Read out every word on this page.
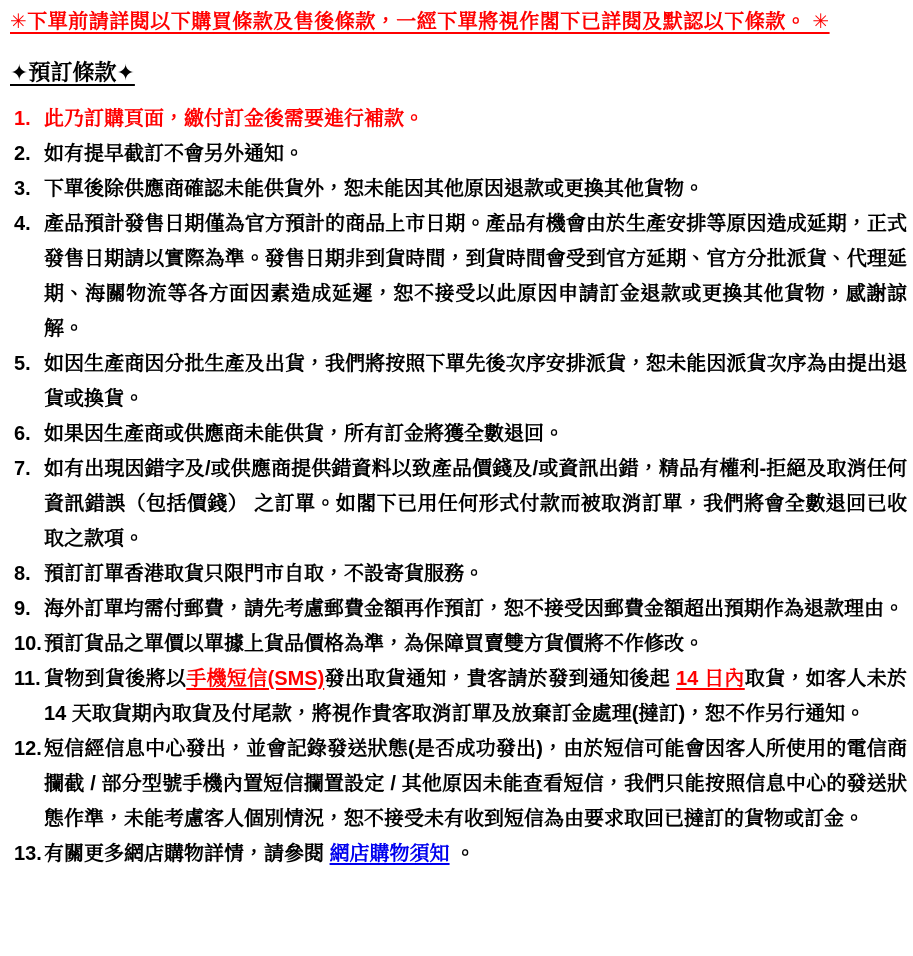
✳下單前請詳閱以下購買條款及售後條款，一經下單將視作閣下已詳閱及默認以下條款。 ✳
✦預訂條款✦
1. 此乃訂購頁面，繳付訂金後需要進行補款。
2. 如有提早截訂不會另外通知。
3. 下單後除供應商確認未能供貨外，恕未能因其他原因退款或更換其他貨物。
4. 產品預計發售日期僅為官方預計的商品上市日期。產品有機會由於生產安排等原因造成延期，正式發售日期請以實際為準。發售日期非到貨時間，到貨時間會受到官方延期、官方分批派貨、代理延期、海關物流等各方面因素造成延遲，恕不接受以此原因申請訂金退款或更換其他貨物，感謝諒解。
5. 如因生產商因分批生產及出貨，我們將按照下單先後次序安排派貨，恕未能因派貨次序為由提出退貨或換貨。
6. 如果因生產商或供應商未能供貨，所有訂金將獲全數退回。
7. 如有出現因錯字及/或供應商提供錯資料以致產品價錢及/或資訊出錯，精品有權利-拒絕及取消任何資訊錯誤（包括價錢） 之訂單。如閣下已用任何形式付款而被取消訂單，我們將會全數退回已收取之款項。
8. 預訂訂單香港取貨只限門市自取，不設寄貨服務。
9. 海外訂單均需付郵費，請先考慮郵費金額再作預訂，恕不接受因郵費金額超出預期作為退款理由。
10. 預訂貨品之單價以單據上貨品價格為準，為保障買賣雙方貨價將不作修改。
11. 貨物到貨後將以手機短信(SMS)發出取貨通知，貴客請於發到通知後起 14 日內取貨，如客人未於 14 天取貨期內取貨及付尾款，將視作貴客取消訂單及放棄訂金處理(撻訂)，恕不作另行通知。
12. 短信經信息中心發出，並會記錄發送狀態(是否成功發出)，由於短信可能會因客人所使用的電信商攔截 / 部分型號手機內置短信攔置設定 / 其他原因未能查看短信，我們只能按照信息中心的發送狀態作準，未能考慮客人個別情況，恕不接受未有收到短信為由要求取回已撻訂的貨物或訂金。
13. 有關更多網店購物詳情，請參閱 網店購物須知 。
